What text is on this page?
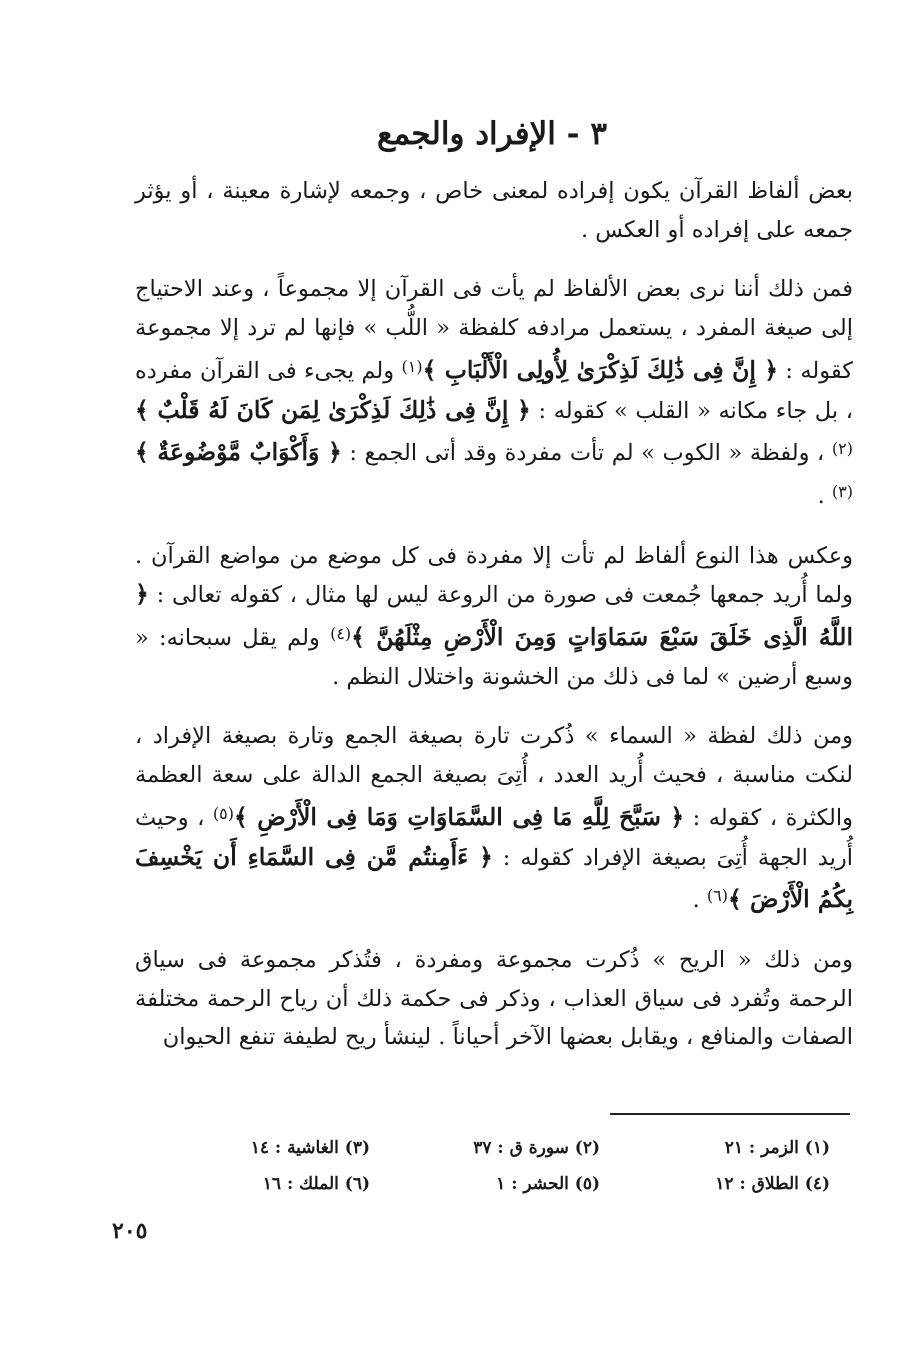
٣ - الإفراد والجمع

بعض ألفاظ القرآن يكون إفراده لمعنى خاص ، وجمعه لإشارة معينة ، أو يؤثر جمعه على إفراده أو العكس .

فمن ذلك أننا نرى بعض الألفاظ لم يأت فى القرآن إلا مجموعاً ، وعند الاحتياج إلى صيغة المفرد ، يستعمل مرادفه كلفظة « اللُّب » فإنها لم ترد إلا مجموعة كقوله : ﴿ إِنَّ فِى ذَٰلِكَ لَذِكْرَىٰ لِأُولِى الْأَلْبَابِ ﴾$^{(١)}$ ولم يجىء فى القرآن مفرده ، بل جاء مكانه « القلب » كقوله : ﴿ إِنَّ فِى ذَٰلِكَ لَذِكْرَىٰ لِمَن كَانَ لَهُ قَلْبٌ ﴾$^{(٢)}$ ، ولفظة « الكوب » لم تأت مفردة وقد أتى الجمع : ﴿ وَأَكْوَابٌ مَّوْضُوعَةٌ ﴾$^{(٣)}$ .

وعكس هذا النوع ألفاظ لم تأت إلا مفردة فى كل موضع من مواضع القرآن . ولما أُريد جمعها جُمعت فى صورة من الروعة ليس لها مثال ، كقوله تعالى : ﴿ اللَّهُ الَّذِى خَلَقَ سَبْعَ سَمَاوَاتٍ وَمِنَ الْأَرْضِ مِثْلَهُنَّ ﴾$^{(٤)}$ ولم يقل سبحانه: « وسبع أرضين » لما فى ذلك من الخشونة واختلال النظم .

ومن ذلك لفظة « السماء » ذُكرت تارة بصيغة الجمع وتارة بصيغة الإفراد ، لنكت مناسبة ، فحيث أُريد العدد ، أُتِىَ بصيغة الجمع الدالة على سعة العظمة والكثرة ، كقوله : ﴿ سَبَّحَ لِلَّهِ مَا فِى السَّمَاوَاتِ وَمَا فِى الْأَرْضِ ﴾$^{(٥)}$ ، وحيث أُريد الجهة أُتِىَ بصيغة الإفراد كقوله : ﴿ ءَأَمِنتُم مَّن فِى السَّمَاءِ أَن يَخْسِفَ بِكُمُ الْأَرْضَ ﴾$^{(٦)}$ .

ومن ذلك « الريح » ذُكرت مجموعة ومفردة ، فتُذكر مجموعة فى سياق الرحمة وتُفرد فى سياق العذاب ، وذكر فى حكمة ذلك أن رياح الرحمة مختلفة الصفات والمنافع ، ويقابل بعضها الآخر أحياناً . لينشأ ريح لطيفة تنفع الحيوان

(١) الزمر : ٢١
(٢) سورة ق : ٣٧
(٣) الغاشية : ١٤
(٤) الطلاق : ١٢
(٥) الحشر : ١
(٦) الملك : ١٦
٢٠٥
